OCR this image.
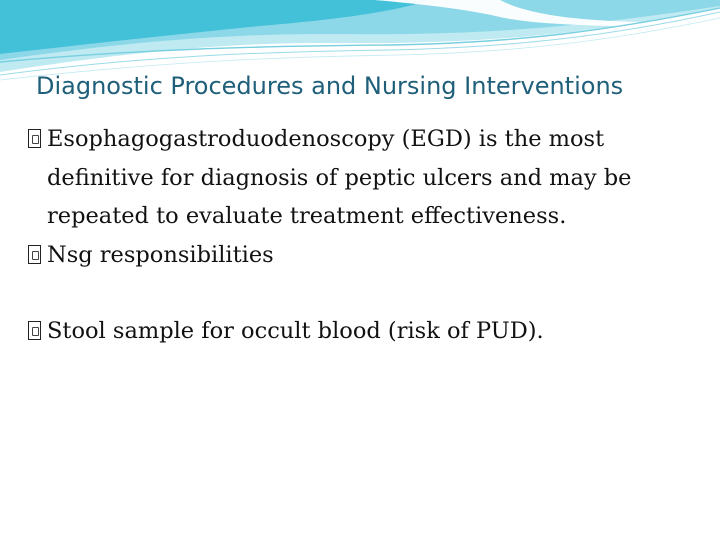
Diagnostic Procedures and Nursing Interventions
Esophagogastroduodenoscopy (EGD) is the most definitive for diagnosis of peptic ulcers and may be repeated to evaluate treatment effectiveness.
Nsg responsibilities
Stool sample for occult blood (risk of PUD).
